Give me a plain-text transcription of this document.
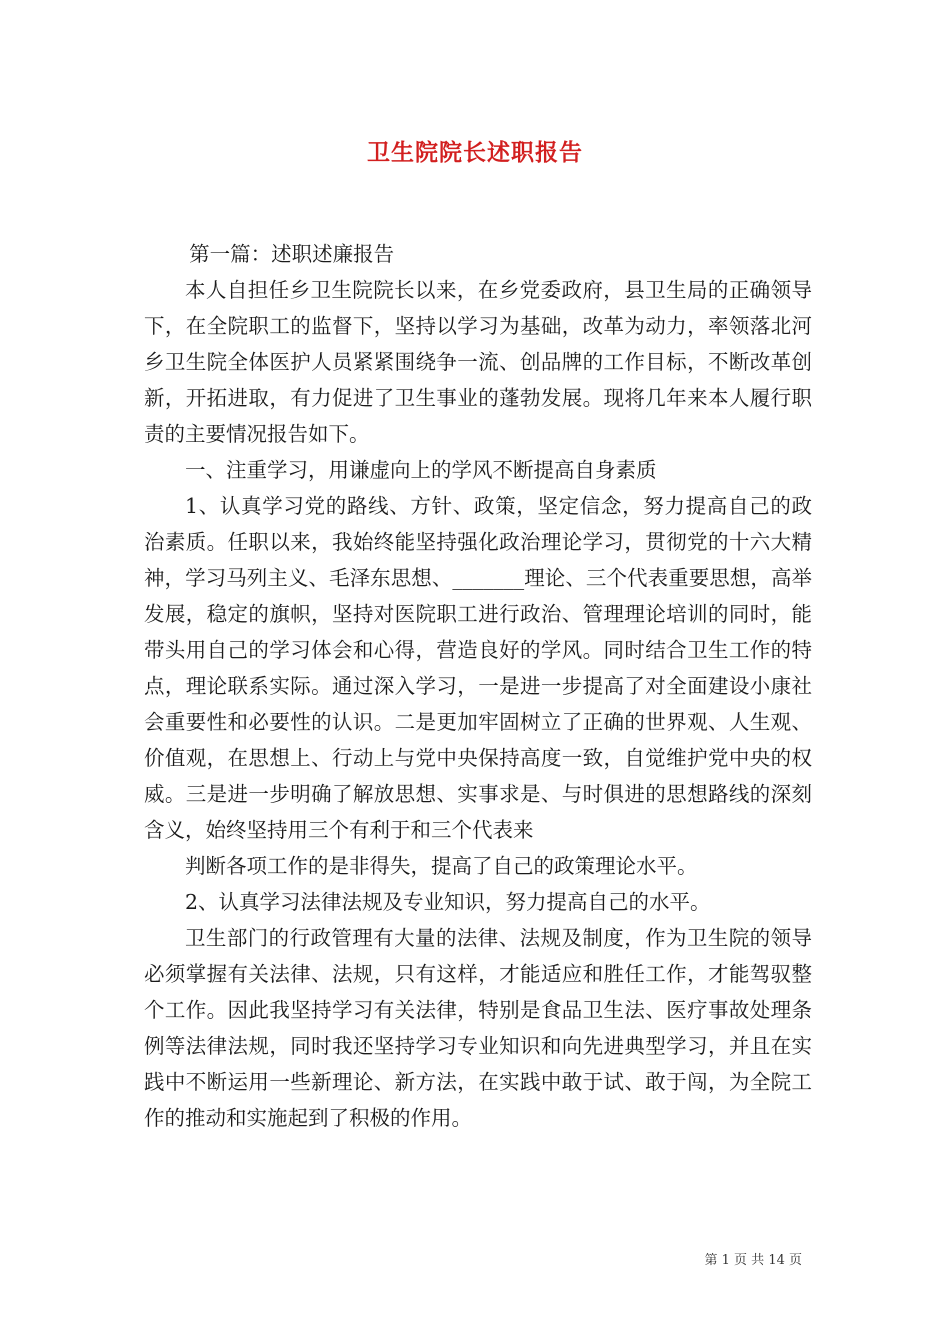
卫生院院长述职报告

第一篇：述职述廉报告

本人自担任乡卫生院院长以来，在乡党委政府，县卫生局的正确领导下，在全院职工的监督下，坚持以学习为基础，改革为动力，率领落北河乡卫生院全体医护人员紧紧围绕争一流、创品牌的工作目标，不断改革创新，开拓进取，有力促进了卫生事业的蓬勃发展。现将几年来本人履行职责的主要情况报告如下。

一、注重学习，用谦虚向上的学风不断提高自身素质

1、认真学习党的路线、方针、政策，坚定信念，努力提高自己的政治素质。任职以来，我始终能坚持强化政治理论学习，贯彻党的十六大精神，学习马列主义、毛泽东思想、_______理论、三个代表重要思想，高举发展，稳定的旗帜，坚持对医院职工进行政治、管理理论培训的同时，能带头用自己的学习体会和心得，营造良好的学风。同时结合卫生工作的特点，理论联系实际。通过深入学习，一是进一步提高了对全面建设小康社会重要性和必要性的认识。二是更加牢固树立了正确的世界观、人生观、价值观，在思想上、行动上与党中央保持高度一致，自觉维护党中央的权威。三是进一步明确了解放思想、实事求是、与时俱进的思想路线的深刻含义，始终坚持用三个有利于和三个代表来

判断各项工作的是非得失，提高了自己的政策理论水平。

2、认真学习法律法规及专业知识，努力提高自己的水平。

卫生部门的行政管理有大量的法律、法规及制度，作为卫生院的领导必须掌握有关法律、法规，只有这样，才能适应和胜任工作，才能驾驭整个工作。因此我坚持学习有关法律，特别是食品卫生法、医疗事故处理条例等法律法规，同时我还坚持学习专业知识和向先进典型学习，并且在实践中不断运用一些新理论、新方法，在实践中敢于试、敢于闯，为全院工作的推动和实施起到了积极的作用。

第 1 页 共 14 页
